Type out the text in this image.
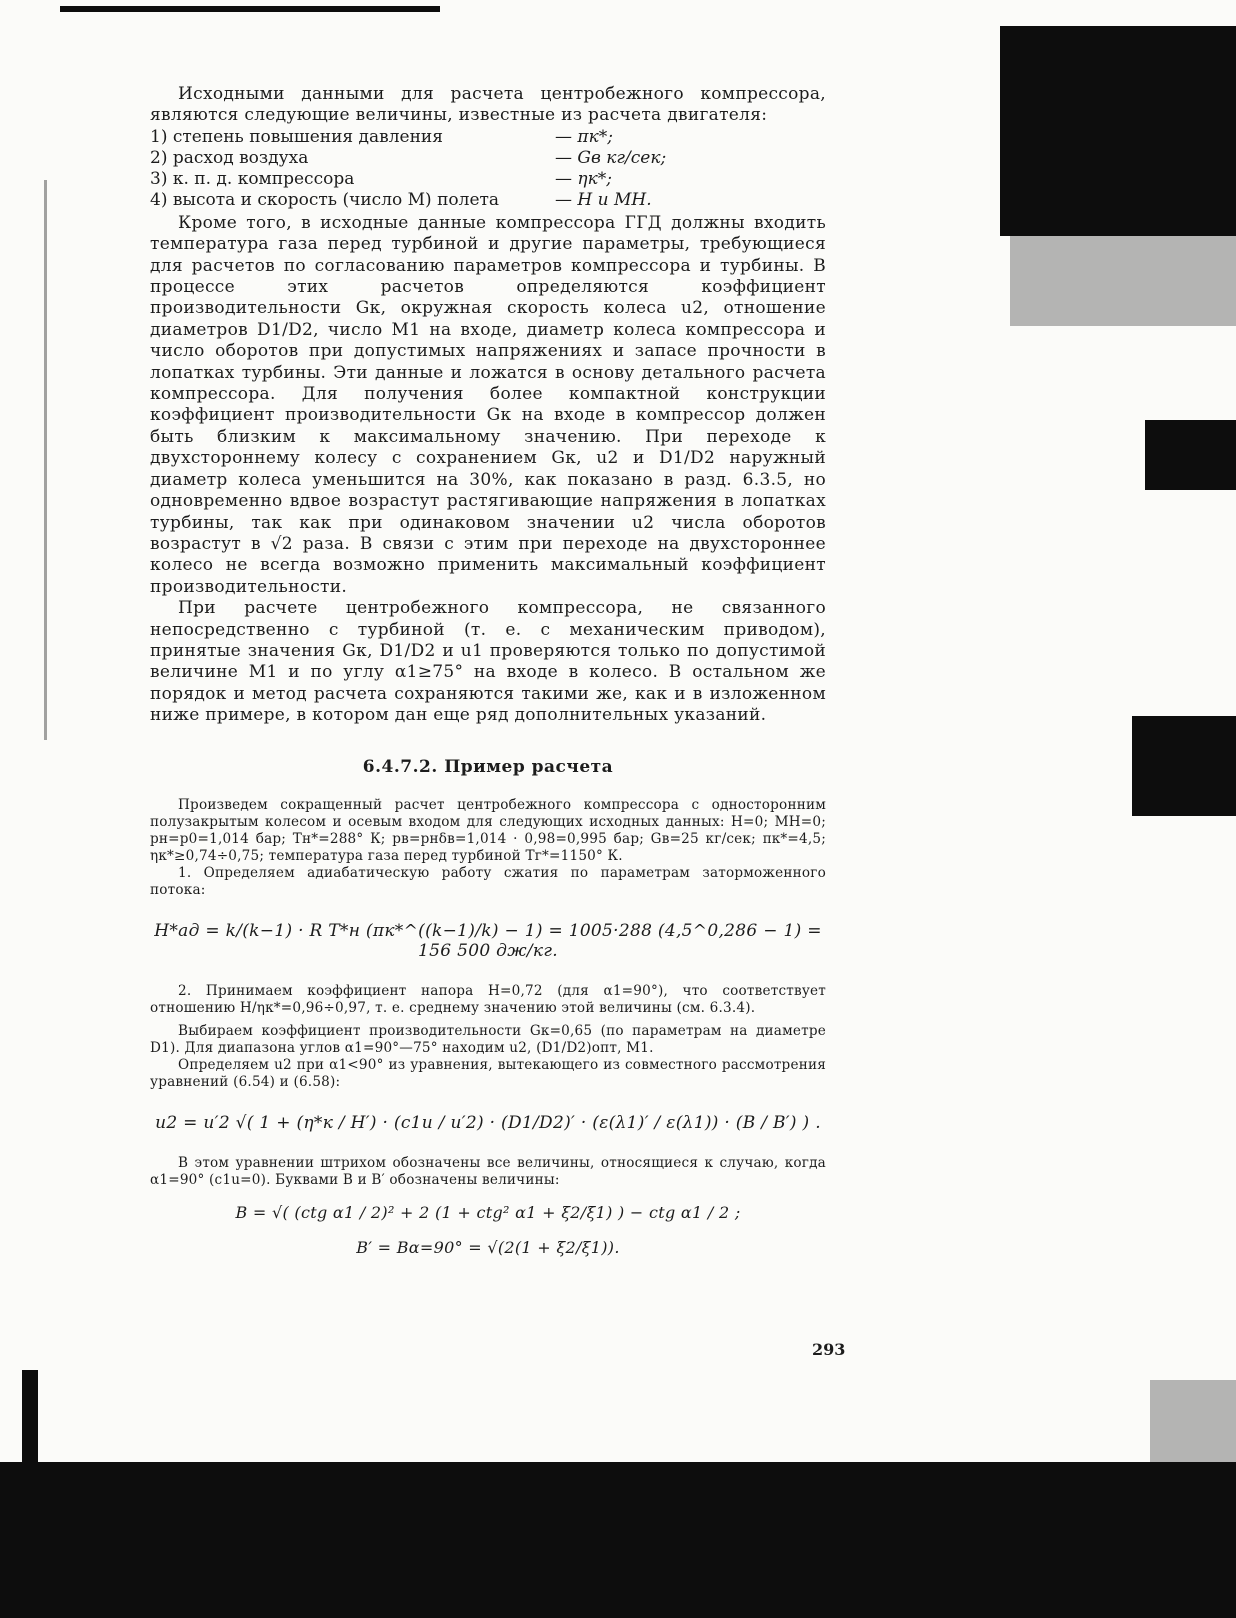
Исходными данными для расчета центробежного компрессора, являются следующие величины, известные из расчета двигателя:

1) степень повышения давления	— πк*;
2) расход воздуха	— Gв кг/сек;
3) к. п. д. компрессора	— ηк*;
4) высота и скорость (число М) полета	— H и MH.

Кроме того, в исходные данные компрессора ГГД должны входить температура газа перед турбиной и другие параметры, требующиеся для расчетов по согласованию параметров компрессора и турбины. В процессе этих расчетов определяются коэффициент производительности Gк, окружная скорость колеса u2, отношение диаметров D1/D2, число M1 на входе, диаметр колеса компрессора и число оборотов при допустимых напряжениях и запасе прочности в лопатках турбины. Эти данные и ложатся в основу детального расчета компрессора. Для получения более компактной конструкции коэффициент производительности Gк на входе в компрессор должен быть близким к максимальному значению. При переходе к двухстороннему колесу с сохранением Gк, u2 и D1/D2 наружный диаметр колеса уменьшится на 30%, как показано в разд. 6.3.5, но одновременно вдвое возрастут растягивающие напряжения в лопатках турбины, так как при одинаковом значении u2 числа оборотов возрастут в √2 раза. В связи с этим при переходе на двухстороннее колесо не всегда возможно применить максимальный коэффициент производительности.

При расчете центробежного компрессора, не связанного непосредственно с турбиной (т. е. с механическим приводом), принятые значения Gк, D1/D2 и u1 проверяются только по допустимой величине M1 и по углу α1≥75° на входе в колесо. В остальном же порядок и метод расчета сохраняются такими же, как и в изложенном ниже примере, в котором дан еще ряд дополнительных указаний.

6.4.7.2. Пример расчета

Произведем сокращенный расчет центробежного компрессора с односторонним полузакрытым колесом и осевым входом для следующих исходных данных: H=0; MH=0; pн=p0=1,014 бар; Tн*=288° К; pв=pнδв=1,014 · 0,98=0,995 бар; Gв=25 кг/сек; πк*=4,5; ηк*≥0,74÷0,75; температура газа перед турбиной Tг*=1150° К.

1. Определяем адиабатическую работу сжатия по параметрам заторможенного потока:

H*ад = k/(k−1) · R T*н (πк*^((k−1)/k) − 1) = 1005·288 (4,5^0,286 − 1) = 156 500 дж/кг.

2. Принимаем коэффициент напора H=0,72 (для α1=90°), что соответствует отношению H/ηк*=0,96÷0,97, т. е. среднему значению этой величины (см. 6.3.4).

Выбираем коэффициент производительности Gк=0,65 (по параметрам на диаметре D1). Для диапазона углов α1=90°—75° находим u2, (D1/D2)опт, M1.

Определяем u2 при α1<90° из уравнения, вытекающего из совместного рассмотрения уравнений (6.54) и (6.58):

u2 = u′2 √( 1 + (η*к / H′) · (c1u / u′2) · (D1/D2)′ · (ε(λ1)′ / ε(λ1)) · (B / B′) ) .

В этом уравнении штрихом обозначены все величины, относящиеся к случаю, когда α1=90° (c1u=0). Буквами B и B′ обозначены величины:

B = √( (ctg α1 / 2)² + 2 (1 + ctg² α1 + ξ2/ξ1) ) − ctg α1 / 2 ;
B′ = Bα=90° = √(2(1 + ξ2/ξ1)).
293
